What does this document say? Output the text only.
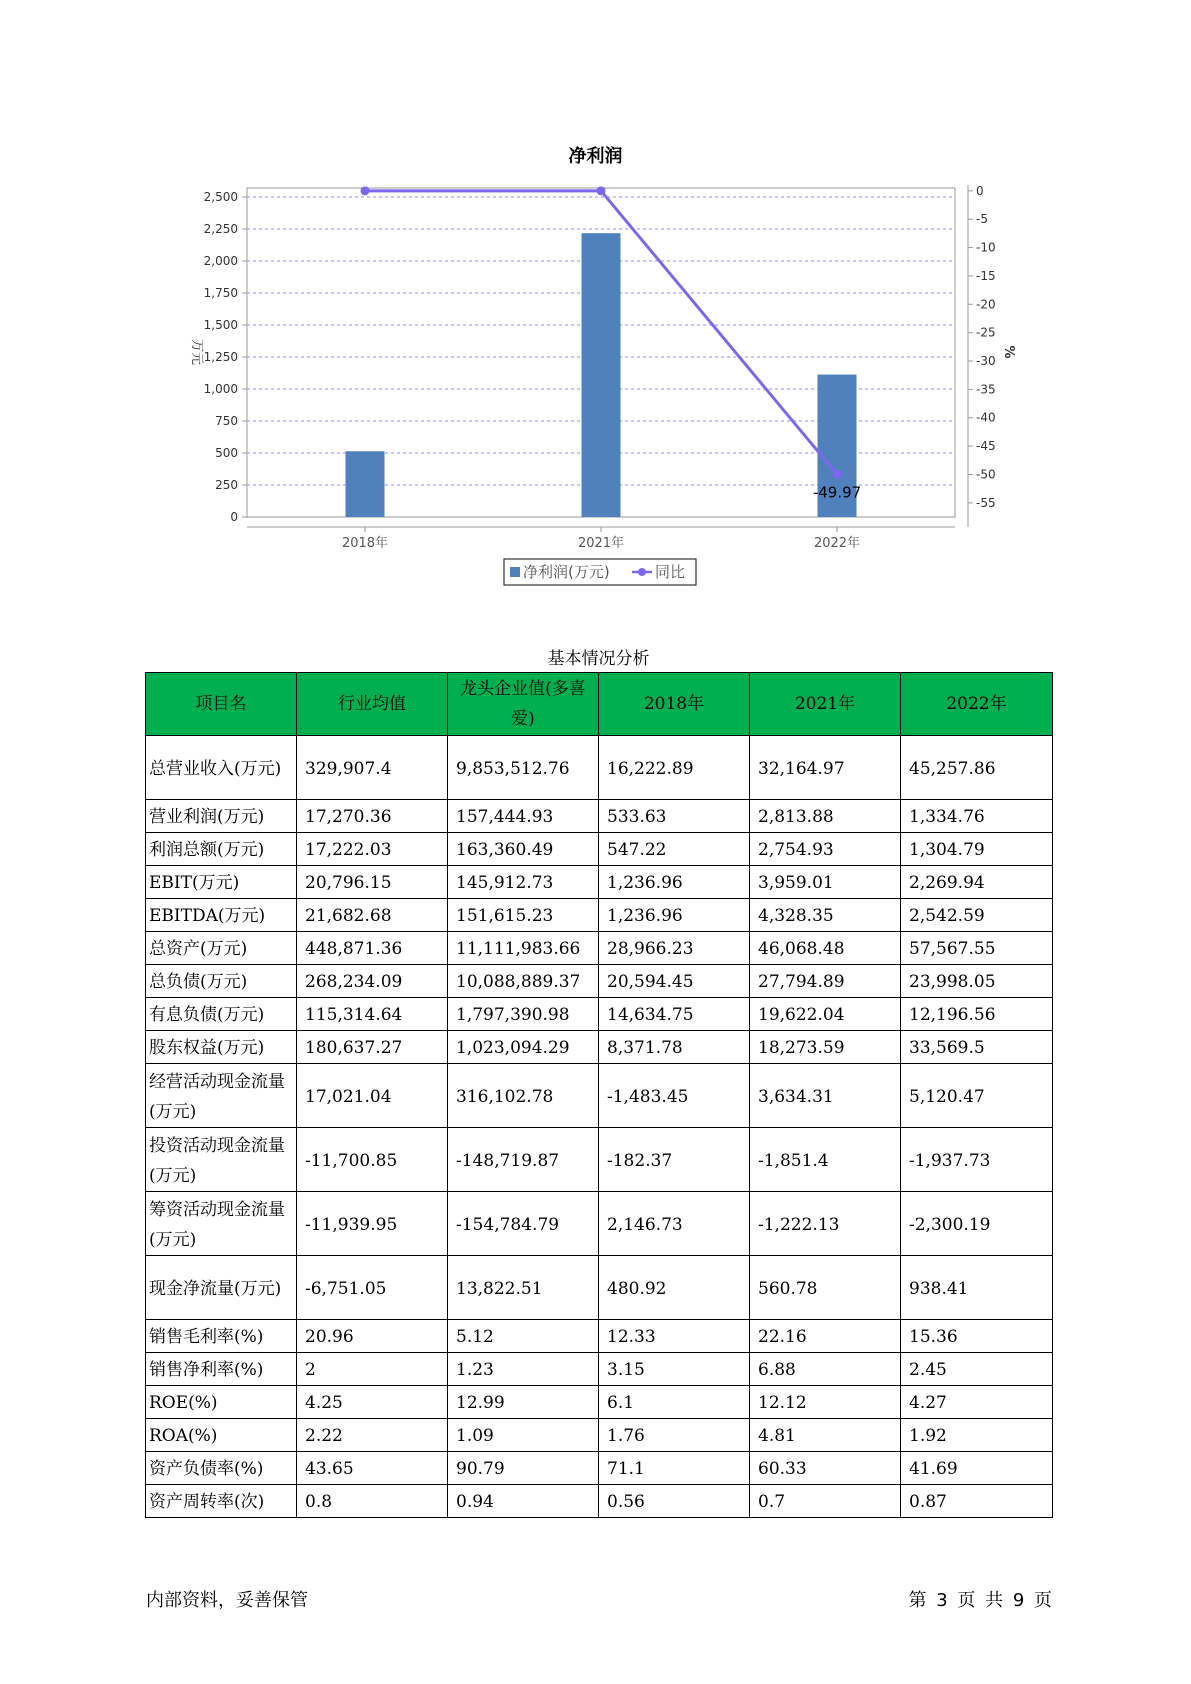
净利润
-49.97
0
250
500
750
1,000
1,250
1,500
1,750
2,000
2,250
2,500	0
-5
-10
-15
-20
-25
-30
-35
-40
-45
-50
-55
2018年	2021年	2022年
万元	%
净利润(万元)	同比
基本情况分析
项目名	行业均值	龙头企业值(多喜爱)	2018年	2021年	2022年
总营业收入(万元)	329,907.4	9,853,512.76	16,222.89	32,164.97	45,257.86
营业利润(万元)	17,270.36	157,444.93	533.63	2,813.88	1,334.76
利润总额(万元)	17,222.03	163,360.49	547.22	2,754.93	1,304.79
EBIT(万元)	20,796.15	145,912.73	1,236.96	3,959.01	2,269.94
EBITDA(万元)	21,682.68	151,615.23	1,236.96	4,328.35	2,542.59
总资产(万元)	448,871.36	11,111,983.66	28,966.23	46,068.48	57,567.55
总负债(万元)	268,234.09	10,088,889.37	20,594.45	27,794.89	23,998.05
有息负债(万元)	115,314.64	1,797,390.98	14,634.75	19,622.04	12,196.56
股东权益(万元)	180,637.27	1,023,094.29	8,371.78	18,273.59	33,569.5
经营活动现金流量(万元)	17,021.04	316,102.78	-1,483.45	3,634.31	5,120.47
投资活动现金流量(万元)	-11,700.85	-148,719.87	-182.37	-1,851.4	-1,937.73
筹资活动现金流量(万元)	-11,939.95	-154,784.79	2,146.73	-1,222.13	-2,300.19
现金净流量(万元)	-6,751.05	13,822.51	480.92	560.78	938.41
销售毛利率(%)	20.96	5.12	12.33	22.16	15.36
销售净利率(%)	2	1.23	3.15	6.88	2.45
ROE(%)	4.25	12.99	6.1	12.12	4.27
ROA(%)	2.22	1.09	1.76	4.81	1.92
资产负债率(%)	43.65	90.79	71.1	60.33	41.69
资产周转率(次)	0.8	0.94	0.56	0.7	0.87
内部资料，妥善保管	第 3 页 共 9 页
